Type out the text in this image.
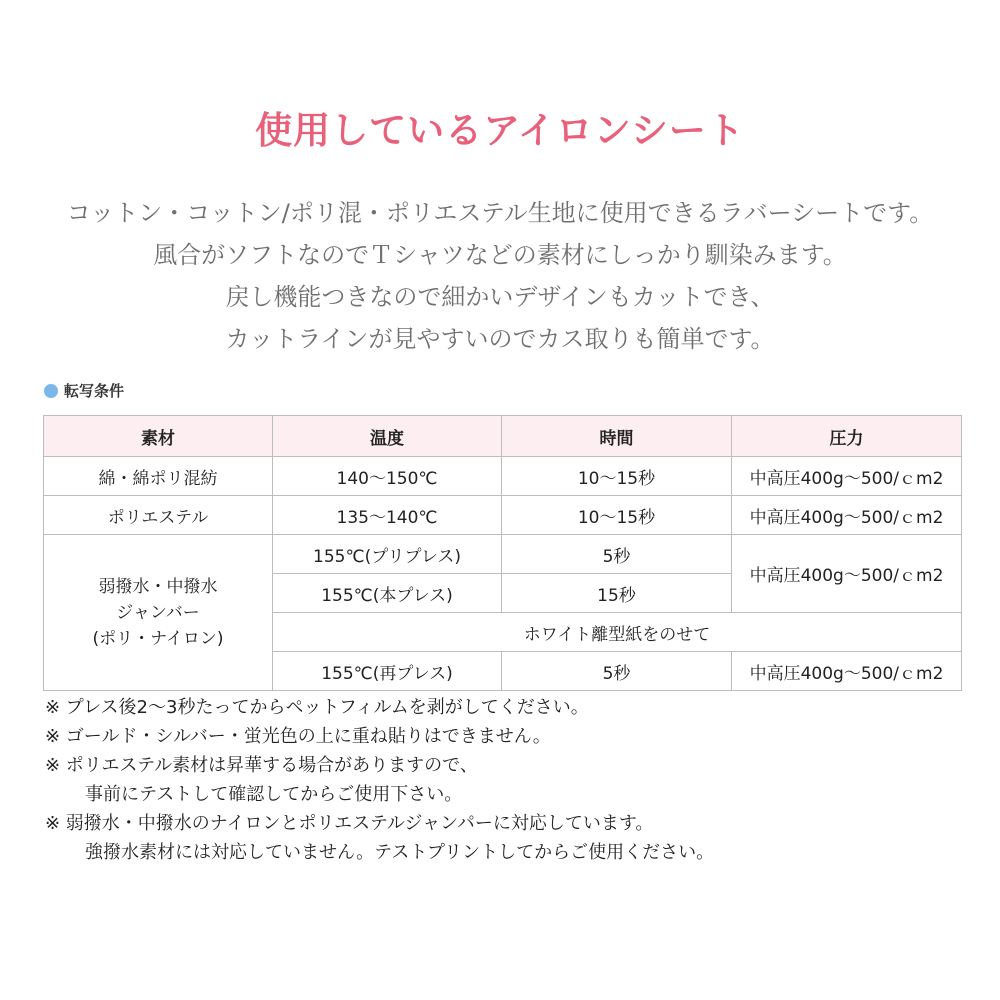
使用しているアイロンシート
コットン・コットン/ポリ混・ポリエステル生地に使用できるラバーシートです。
風合がソフトなのでＴシャツなどの素材にしっかり馴染みます。
戻し機能つきなので細かいデザインもカットでき、
カットラインが見やすいのでカス取りも簡単です。
転写条件
素材	温度	時間	圧力
綿・綿ポリ混紡	140～150℃	10～15秒	中高圧400g～500/ｃm2
ポリエステル	135～140℃	10～15秒	中高圧400g～500/ｃm2

弱撥水・中撥水
ジャンバー
(ポリ・ナイロン)	155℃(プリプレス)	5秒	中高圧400g～500/ｃm2
	155℃(本プレス)	15秒	
	ホワイト離型紙をのせて		
	155℃(再プレス)	5秒	中高圧400g～500/ｃm2
※ プレス後2～3秒たってからペットフィルムを剥がしてください。
※ ゴールド・シルバー・蛍光色の上に重ね貼りはできません。
※ ポリエステル素材は昇華する場合がありますので、
事前にテストして確認してからご使用下さい。
※ 弱撥水・中撥水のナイロンとポリエステルジャンパーに対応しています。
強撥水素材には対応していません。テストプリントしてからご使用ください。
